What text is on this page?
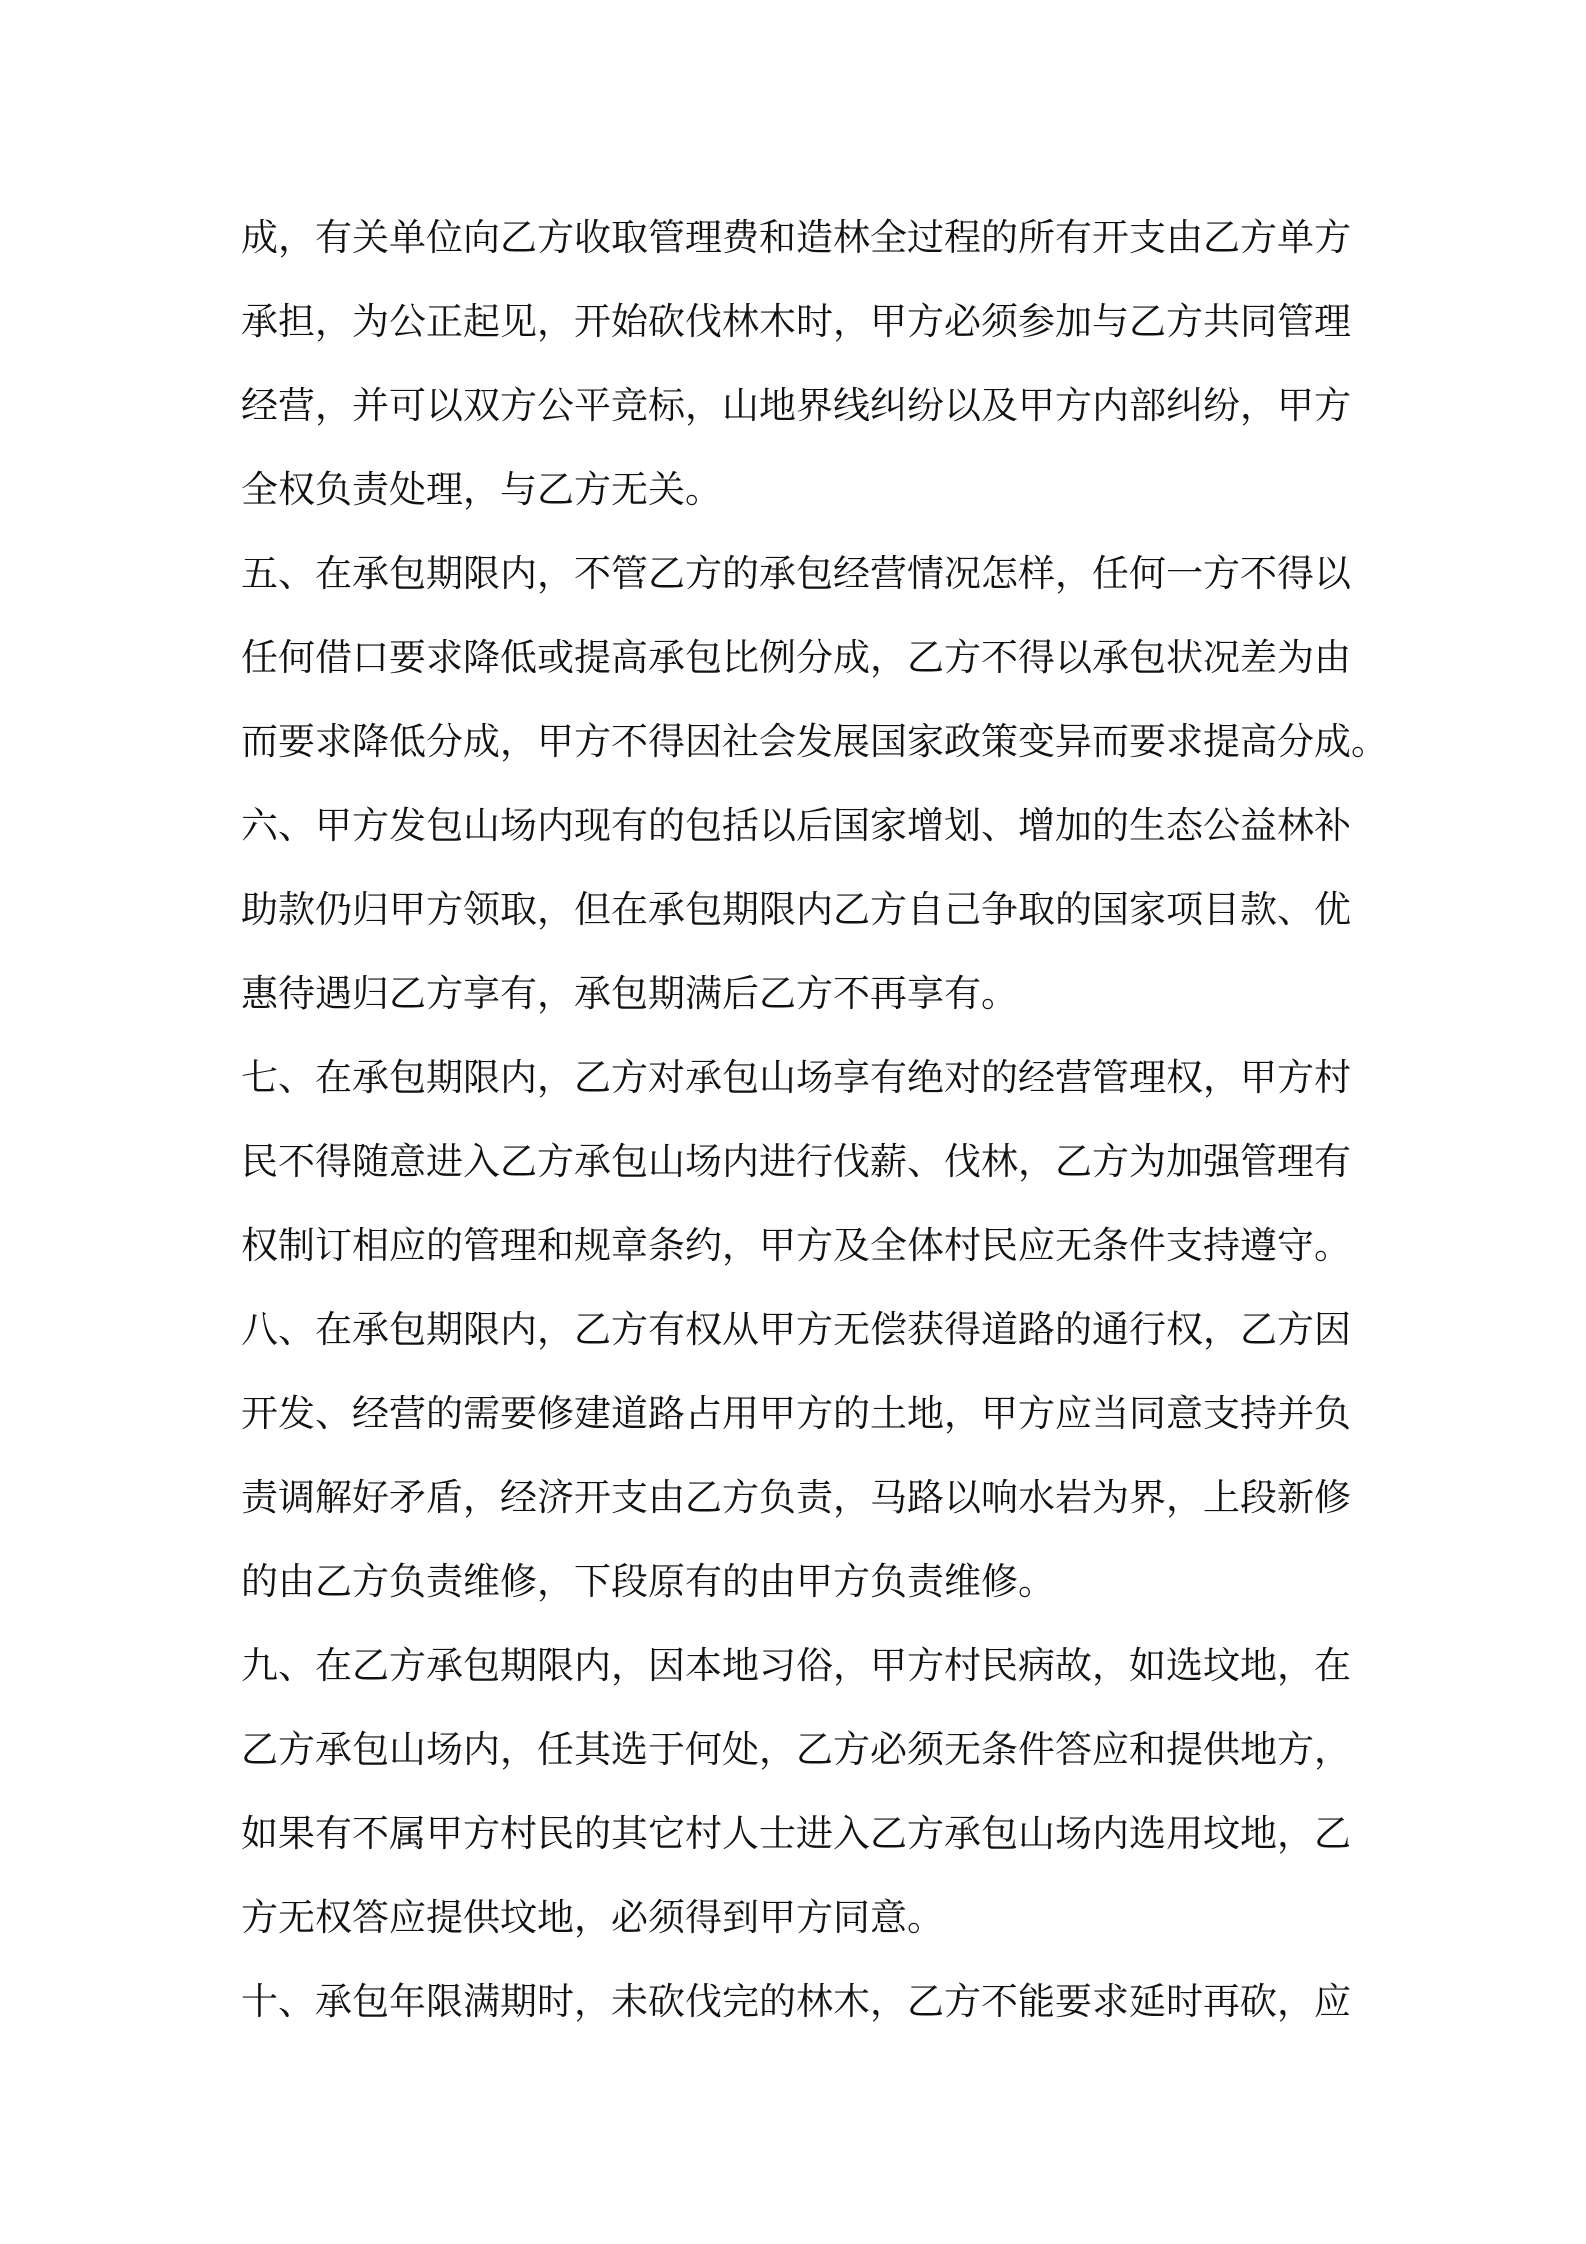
成，有关单位向乙方收取管理费和造林全过程的所有开支由乙方单方
承担，为公正起见，开始砍伐林木时，甲方必须参加与乙方共同管理
经营，并可以双方公平竞标，山地界线纠纷以及甲方内部纠纷，甲方
全权负责处理，与乙方无关。
五、在承包期限内，不管乙方的承包经营情况怎样，任何一方不得以
任何借口要求降低或提高承包比例分成，乙方不得以承包状况差为由
而要求降低分成，甲方不得因社会发展国家政策变异而要求提高分成。
六、甲方发包山场内现有的包括以后国家增划、增加的生态公益林补
助款仍归甲方领取，但在承包期限内乙方自己争取的国家项目款、优
惠待遇归乙方享有，承包期满后乙方不再享有。
七、在承包期限内，乙方对承包山场享有绝对的经营管理权，甲方村
民不得随意进入乙方承包山场内进行伐薪、伐林，乙方为加强管理有
权制订相应的管理和规章条约，甲方及全体村民应无条件支持遵守。
八、在承包期限内，乙方有权从甲方无偿获得道路的通行权，乙方因
开发、经营的需要修建道路占用甲方的土地，甲方应当同意支持并负
责调解好矛盾，经济开支由乙方负责，马路以响水岩为界，上段新修
的由乙方负责维修，下段原有的由甲方负责维修。
九、在乙方承包期限内，因本地习俗，甲方村民病故，如选坟地，在
乙方承包山场内，任其选于何处，乙方必须无条件答应和提供地方，
如果有不属甲方村民的其它村人士进入乙方承包山场内选用坟地，乙
方无权答应提供坟地，必须得到甲方同意。
十、承包年限满期时，未砍伐完的林木，乙方不能要求延时再砍，应
